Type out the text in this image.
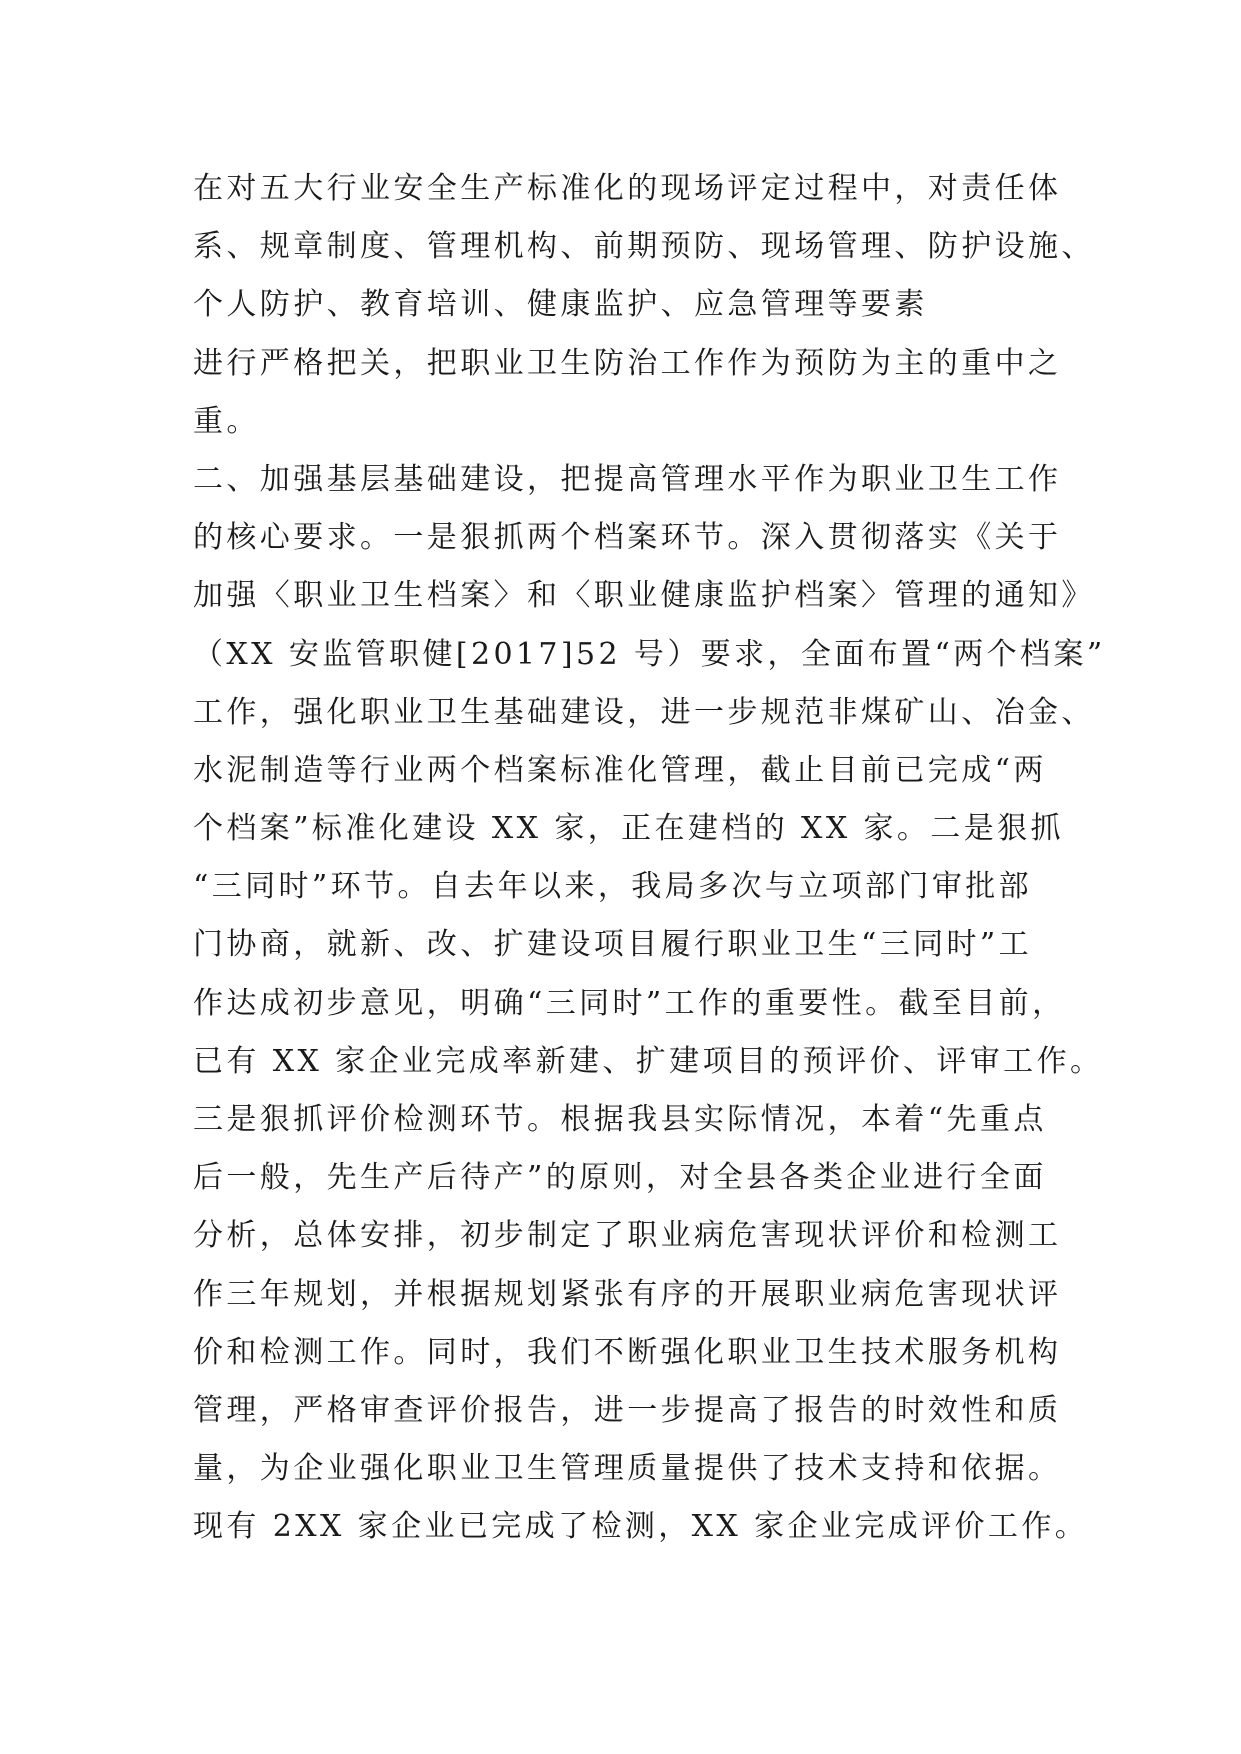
在对五大行业安全生产标准化的现场评定过程中，对责任体
系、规章制度、管理机构、前期预防、现场管理、防护设施、
个人防护、教育培训、健康监护、应急管理等要素
进行严格把关，把职业卫生防治工作作为预防为主的重中之
重。
二、加强基层基础建设，把提高管理水平作为职业卫生工作
的核心要求。一是狠抓两个档案环节。深入贯彻落实《关于
加强〈职业卫生档案〉和〈职业健康监护档案〉管理的通知》
（XX 安监管职健[2017]52 号）要求，全面布置“两个档案”
工作，强化职业卫生基础建设，进一步规范非煤矿山、冶金、
水泥制造等行业两个档案标准化管理，截止目前已完成“两
个档案”标准化建设 XX 家，正在建档的 XX 家。二是狠抓
“三同时”环节。自去年以来，我局多次与立项部门审批部
门协商，就新、改、扩建设项目履行职业卫生“三同时”工
作达成初步意见，明确“三同时”工作的重要性。截至目前，
已有 XX 家企业完成率新建、扩建项目的预评价、评审工作。
三是狠抓评价检测环节。根据我县实际情况，本着“先重点
后一般，先生产后待产”的原则，对全县各类企业进行全面
分析，总体安排，初步制定了职业病危害现状评价和检测工
作三年规划，并根据规划紧张有序的开展职业病危害现状评
价和检测工作。同时，我们不断强化职业卫生技术服务机构
管理，严格审查评价报告，进一步提高了报告的时效性和质
量，为企业强化职业卫生管理质量提供了技术支持和依据。
现有 2XX 家企业已完成了检测，XX 家企业完成评价工作。
